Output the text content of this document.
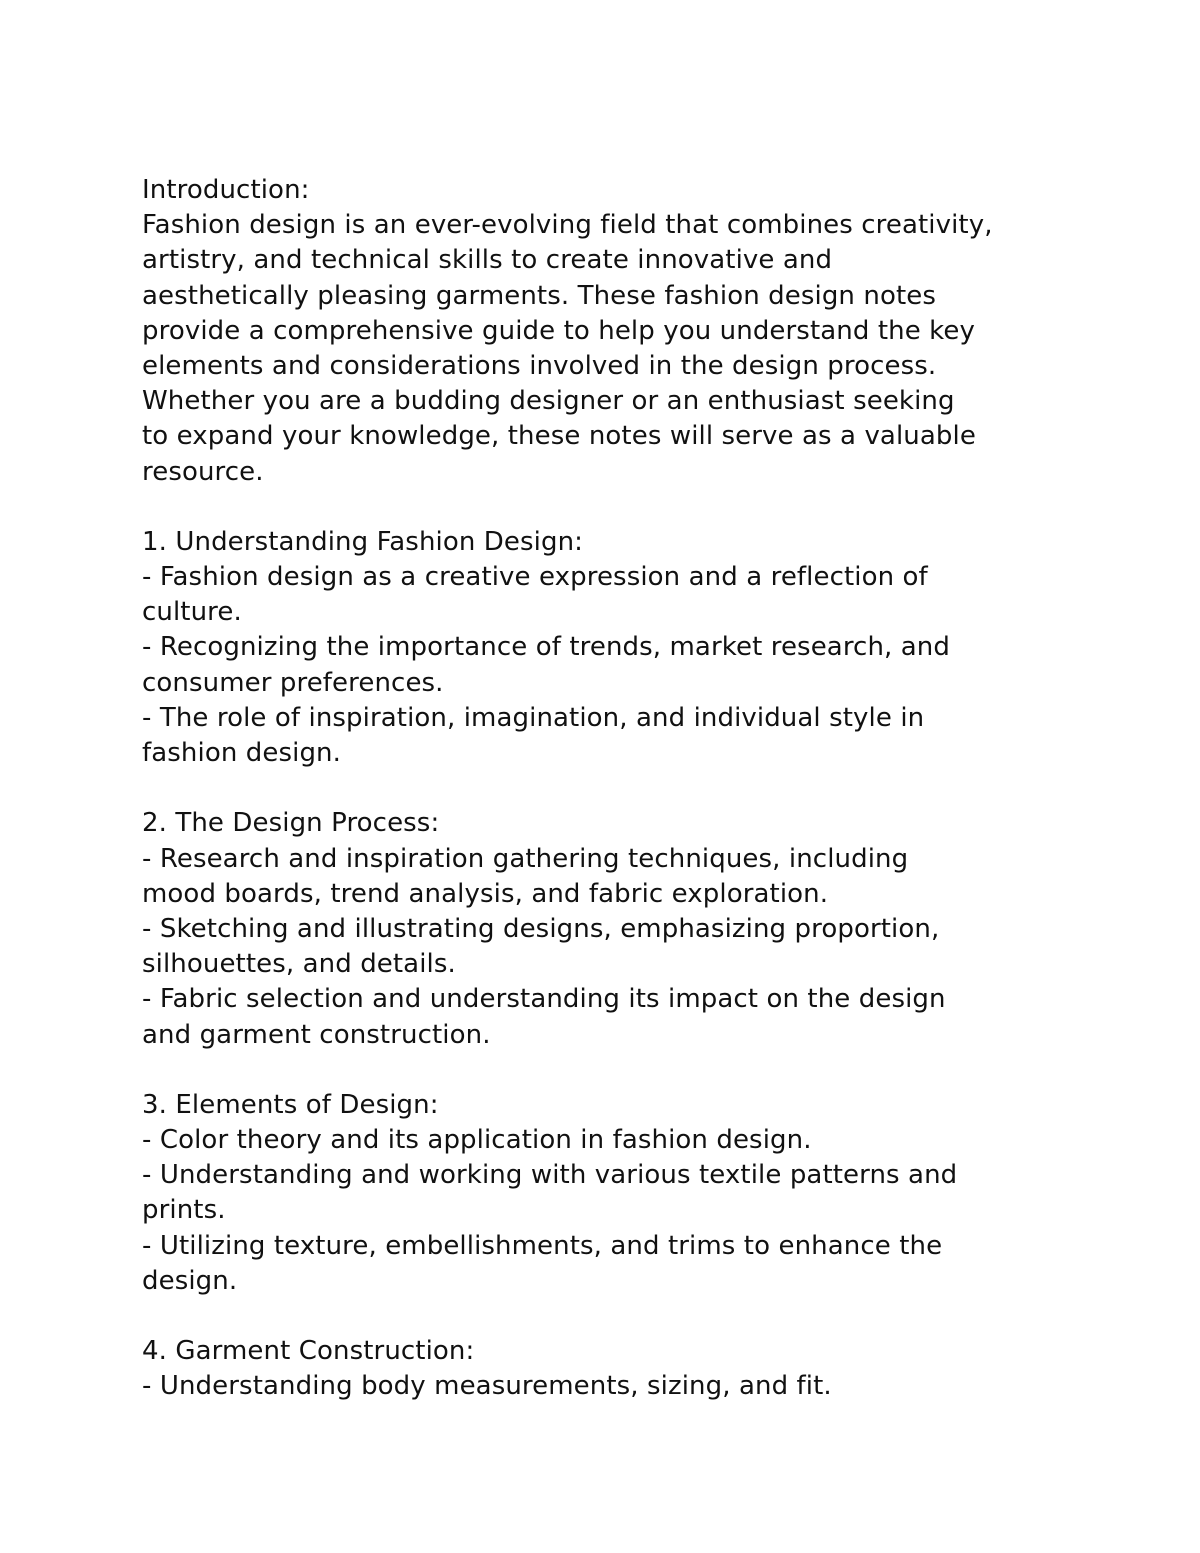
Introduction:
Fashion design is an ever-evolving field that combines creativity,
artistry, and technical skills to create innovative and
aesthetically pleasing garments. These fashion design notes
provide a comprehensive guide to help you understand the key
elements and considerations involved in the design process.
Whether you are a budding designer or an enthusiast seeking
to expand your knowledge, these notes will serve as a valuable
resource.
1. Understanding Fashion Design:
- Fashion design as a creative expression and a reflection of
culture.
- Recognizing the importance of trends, market research, and
consumer preferences.
- The role of inspiration, imagination, and individual style in
fashion design.
2. The Design Process:
- Research and inspiration gathering techniques, including
mood boards, trend analysis, and fabric exploration.
- Sketching and illustrating designs, emphasizing proportion,
silhouettes, and details.
- Fabric selection and understanding its impact on the design
and garment construction.
3. Elements of Design:
- Color theory and its application in fashion design.
- Understanding and working with various textile patterns and
prints.
- Utilizing texture, embellishments, and trims to enhance the
design.
4. Garment Construction:
- Understanding body measurements, sizing, and fit.
